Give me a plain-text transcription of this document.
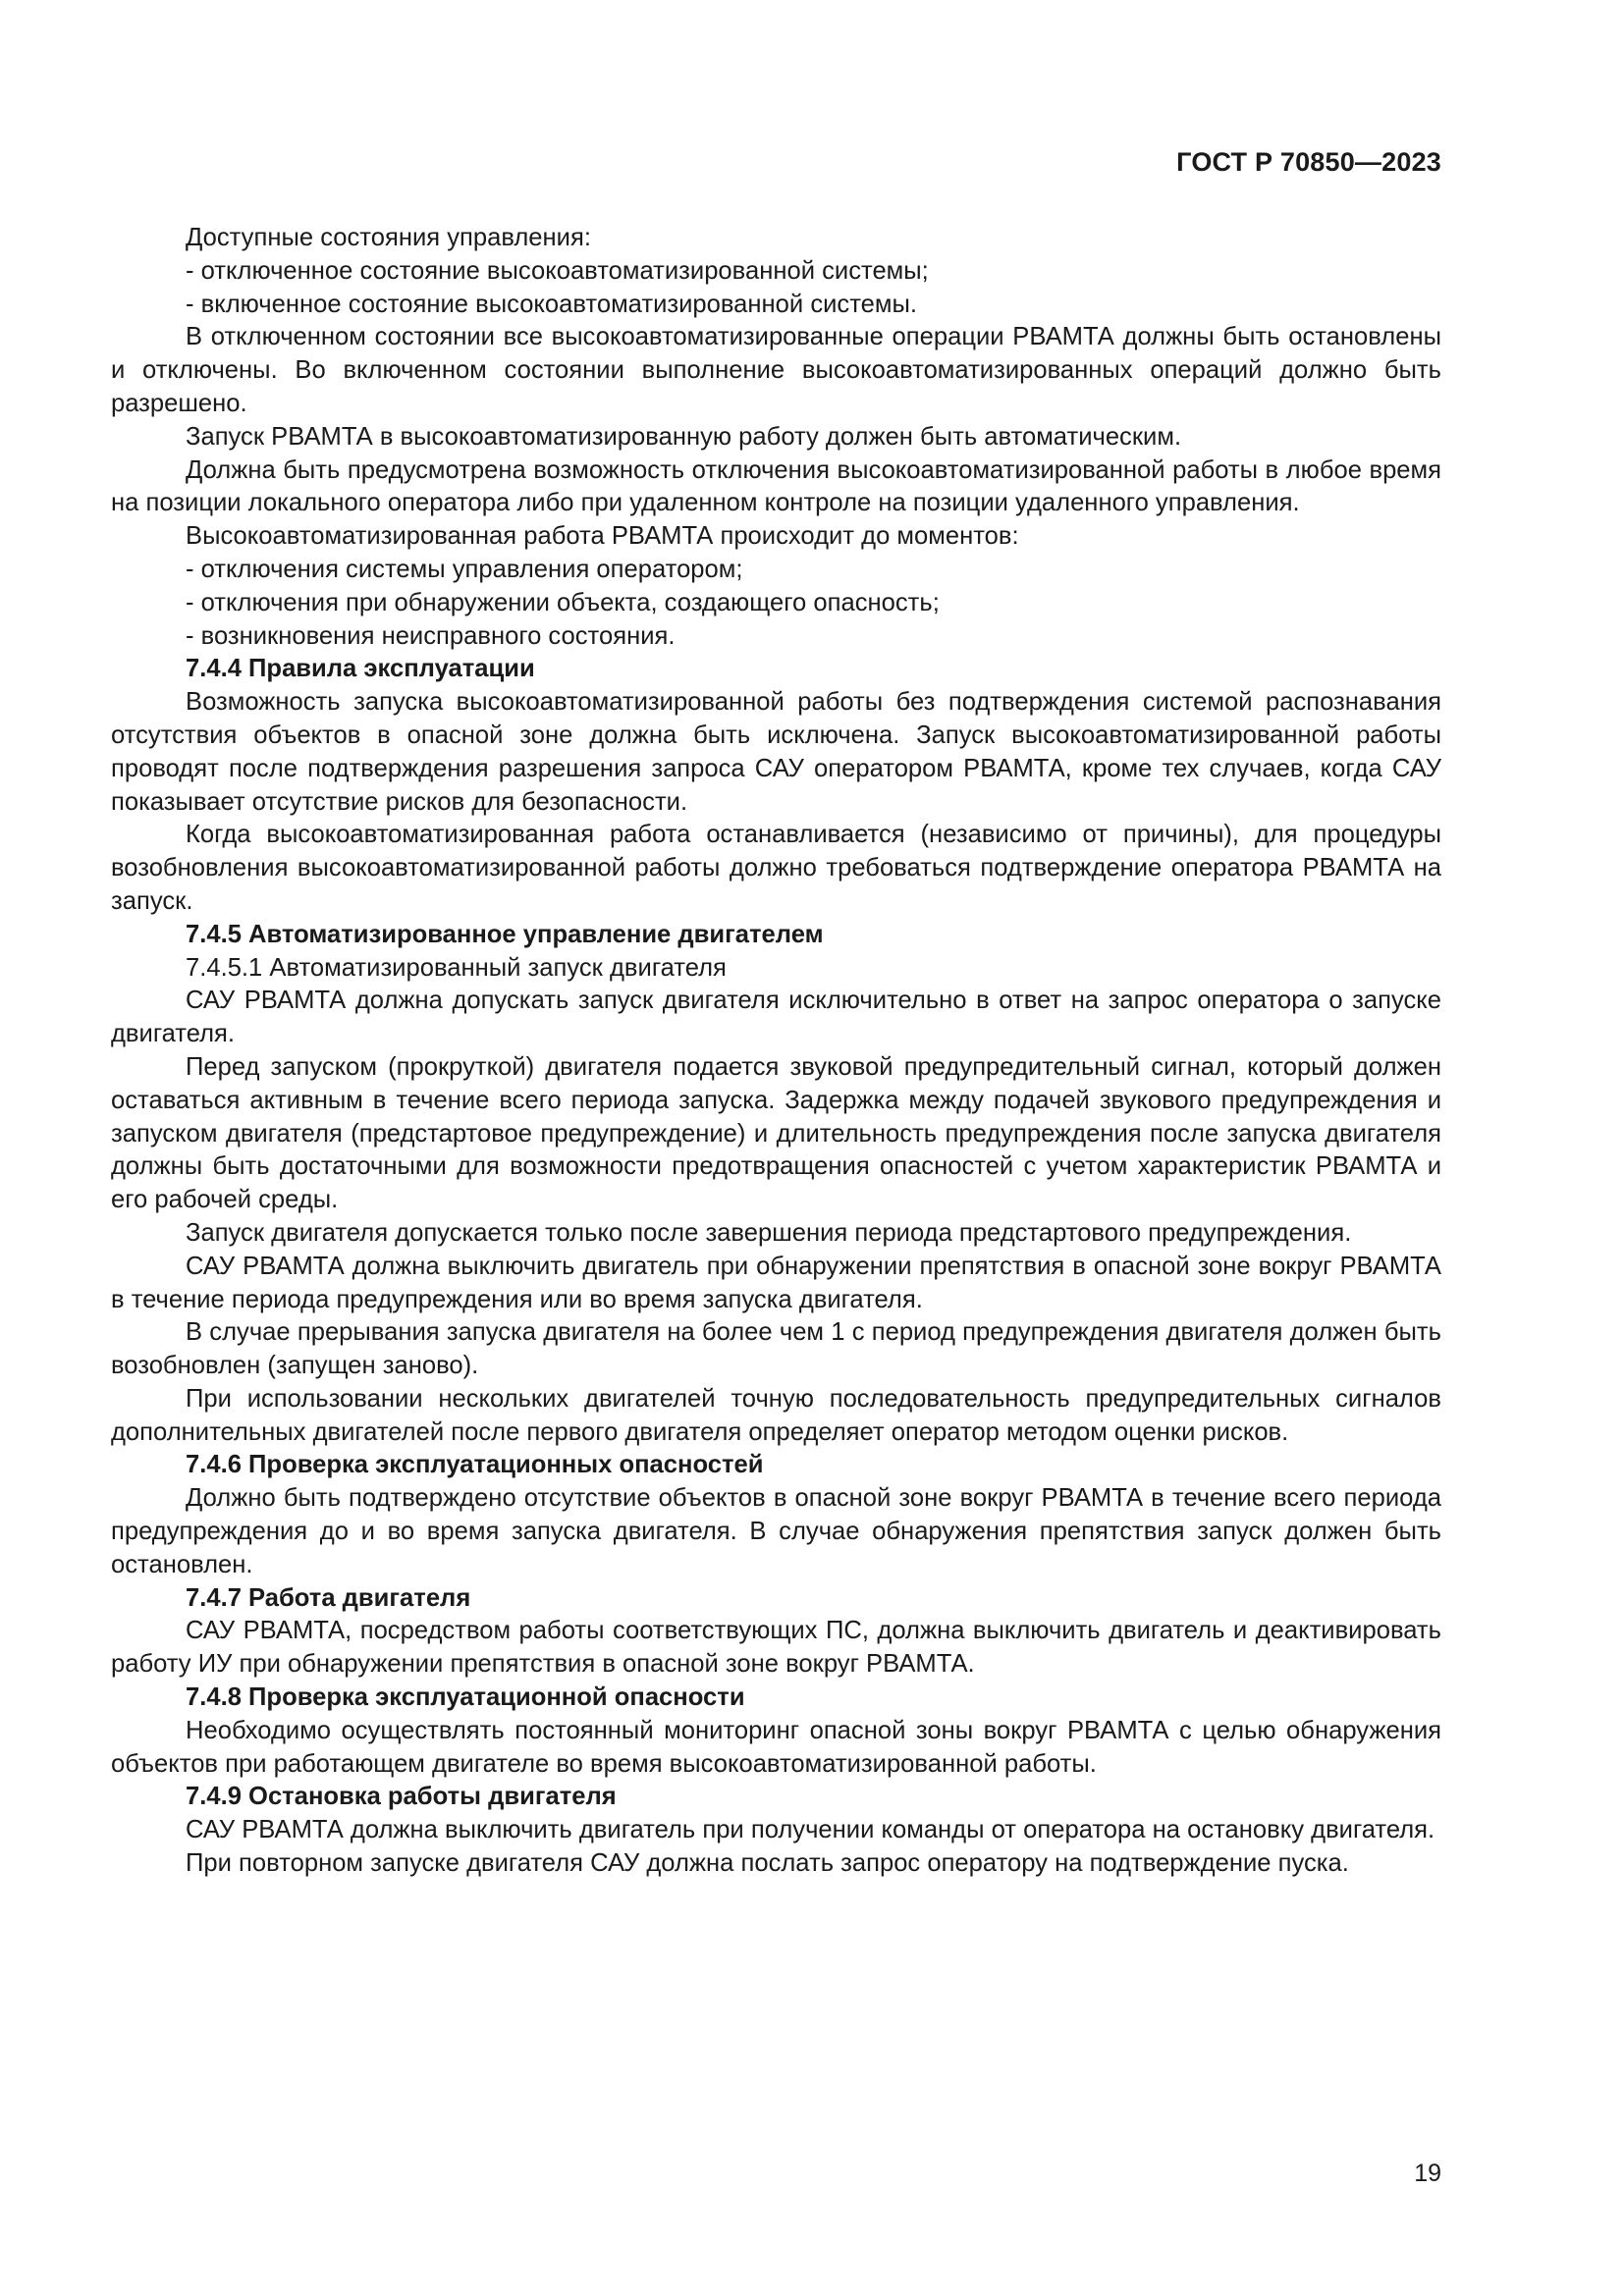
ГОСТ Р 70850—2023

Доступные состояния управления:

- отключенное состояние высокоавтоматизированной системы;

- включенное состояние высокоавтоматизированной системы.

В отключенном состоянии все высокоавтоматизированные операции РВАМТА должны быть остановлены и отключены. Во включенном состоянии выполнение высокоавтоматизированных операций должно быть разрешено.

Запуск РВАМТА в высокоавтоматизированную работу должен быть автоматическим.

Должна быть предусмотрена возможность отключения высокоавтоматизированной работы в любое время на позиции локального оператора либо при удаленном контроле на позиции удаленного управления.

Высокоавтоматизированная работа РВАМТА происходит до моментов:

- отключения системы управления оператором;

- отключения при обнаружении объекта, создающего опасность;

- возникновения неисправного состояния.

7.4.4 Правила эксплуатации

Возможность запуска высокоавтоматизированной работы без подтверждения системой распознавания отсутствия объектов в опасной зоне должна быть исключена. Запуск высокоавтоматизированной работы проводят после подтверждения разрешения запроса САУ оператором РВАМТА, кроме тех случаев, когда САУ показывает отсутствие рисков для безопасности.

Когда высокоавтоматизированная работа останавливается (независимо от причины), для процедуры возобновления высокоавтоматизированной работы должно требоваться подтверждение оператора РВАМТА на запуск.

7.4.5 Автоматизированное управление двигателем

7.4.5.1 Автоматизированный запуск двигателя

САУ РВАМТА должна допускать запуск двигателя исключительно в ответ на запрос оператора о запуске двигателя.

Перед запуском (прокруткой) двигателя подается звуковой предупредительный сигнал, который должен оставаться активным в течение всего периода запуска. Задержка между подачей звукового предупреждения и запуском двигателя (предстартовое предупреждение) и длительность предупреждения после запуска двигателя должны быть достаточными для возможности предотвращения опасностей с учетом характеристик РВАМТА и его рабочей среды.

Запуск двигателя допускается только после завершения периода предстартового предупреждения.

САУ РВАМТА должна выключить двигатель при обнаружении препятствия в опасной зоне вокруг РВАМТА в течение периода предупреждения или во время запуска двигателя.

В случае прерывания запуска двигателя на более чем 1 с период предупреждения двигателя должен быть возобновлен (запущен заново).

При использовании нескольких двигателей точную последовательность предупредительных сигналов дополнительных двигателей после первого двигателя определяет оператор методом оценки рисков.

7.4.6 Проверка эксплуатационных опасностей

Должно быть подтверждено отсутствие объектов в опасной зоне вокруг РВАМТА в течение всего периода предупреждения до и во время запуска двигателя. В случае обнаружения препятствия запуск должен быть остановлен.

7.4.7 Работа двигателя

САУ РВАМТА, посредством работы соответствующих ПС, должна выключить двигатель и деактивировать работу ИУ при обнаружении препятствия в опасной зоне вокруг РВАМТА.

7.4.8 Проверка эксплуатационной опасности

Необходимо осуществлять постоянный мониторинг опасной зоны вокруг РВАМТА с целью обнаружения объектов при работающем двигателе во время высокоавтоматизированной работы.

7.4.9 Остановка работы двигателя

САУ РВАМТА должна выключить двигатель при получении команды от оператора на остановку двигателя.

При повторном запуске двигателя САУ должна послать запрос оператору на подтверждение пуска.

19
